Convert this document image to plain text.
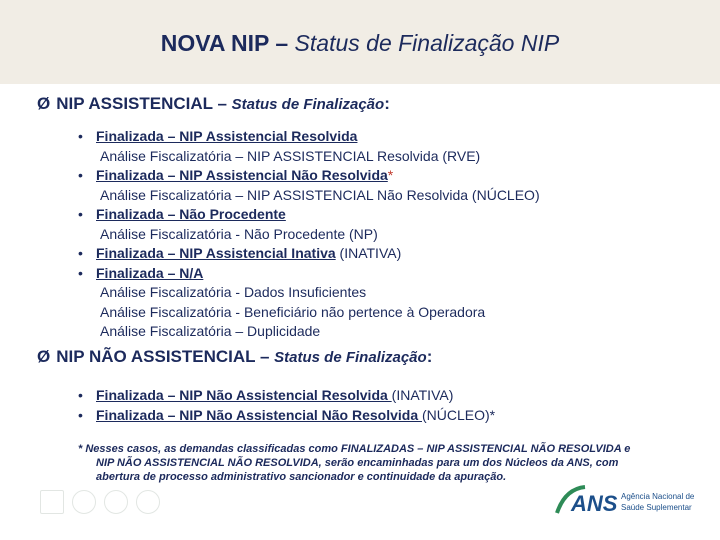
NOVA NIP – Status de Finalização NIP
Ø NIP ASSISTENCIAL – Status de Finalização:
• Finalizada – NIP Assistencial Resolvida
Análise Fiscalizatória – NIP ASSISTENCIAL Resolvida (RVE)
• Finalizada – NIP Assistencial Não Resolvida*
Análise Fiscalizatória – NIP ASSISTENCIAL Não Resolvida (NÚCLEO)
• Finalizada – Não Procedente
Análise Fiscalizatória - Não Procedente (NP)
• Finalizada – NIP Assistencial Inativa (INATIVA)
• Finalizada – N/A
Análise Fiscalizatória - Dados Insuficientes
Análise Fiscalizatória - Beneficiário não pertence à Operadora
Análise Fiscalizatória – Duplicidade
Ø NIP NÃO ASSISTENCIAL – Status de Finalização:
• Finalizada – NIP Não Assistencial Resolvida (INATIVA)
• Finalizada – NIP Não Assistencial Não Resolvida (NÚCLEO)*
* Nesses casos, as demandas classificadas como FINALIZADAS – NIP ASSISTENCIAL NÃO RESOLVIDA e
NIP NÃO ASSISTENCIAL NÃO RESOLVIDA, serão encaminhadas para um dos Núcleos da ANS, com
abertura de processo administrativo sancionador e continuidade da apuração.
ANS Agência Nacional de
Saúde Suplementar
